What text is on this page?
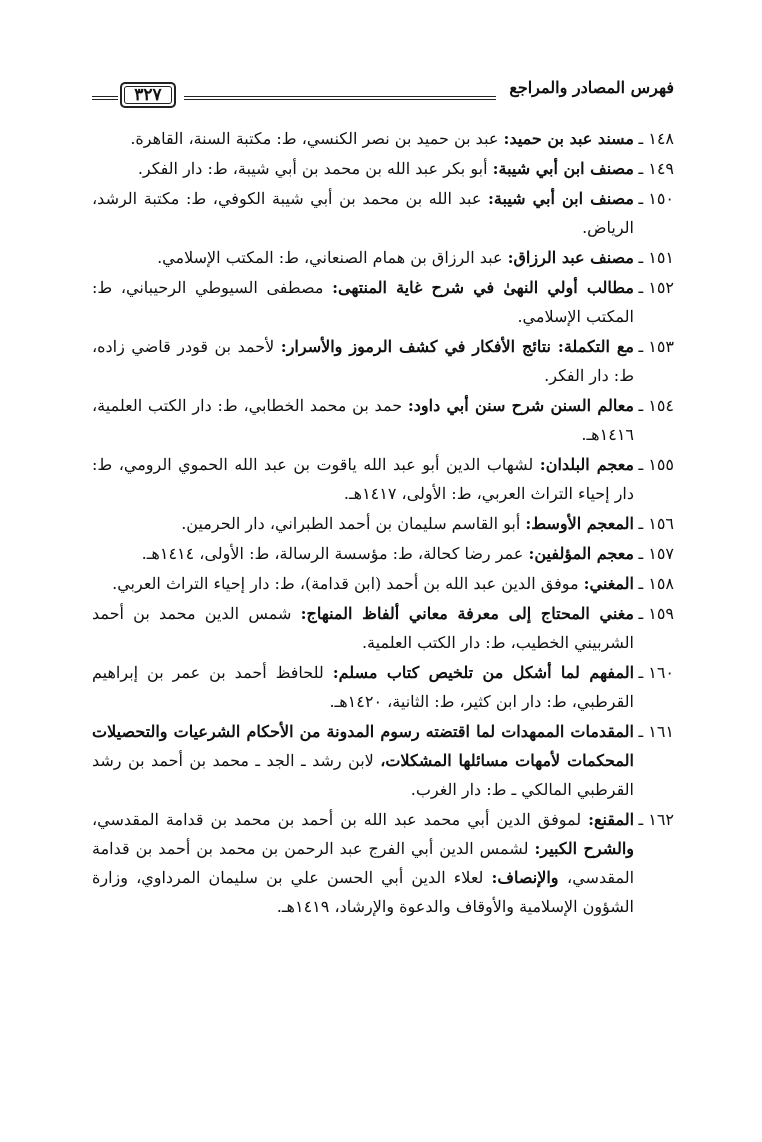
فهرس المصادر والمراجع
٣٢٧
١٤٨ ـ
مسند عبد بن حميد: عبد بن حميد بن نصر الكنسي، ط: مكتبة السنة، القاهرة.
١٤٩ ـ
مصنف ابن أبي شيبة: أبو بكر عبد الله بن محمد بن أبي شيبة، ط: دار الفكر.
١٥٠ ـ
مصنف ابن أبي شيبة: عبد الله بن محمد بن أبي شيبة الكوفي، ط: مكتبة الرشد، الرياض.
١٥١ ـ
مصنف عبد الرزاق: عبد الرزاق بن همام الصنعاني، ط: المكتب الإسلامي.
١٥٢ ـ
مطالب أولي النهىٰ في شرح غاية المنتهى: مصطفى السيوطي الرحيباني، ط: المكتب الإسلامي.
١٥٣ ـ
مع التكملة: نتائج الأفكار في كشف الرموز والأسرار: لأحمد بن قودر قاضي زاده، ط: دار الفكر.
١٥٤ ـ
معالم السنن شرح سنن أبي داود: حمد بن محمد الخطابي، ط: دار الكتب العلمية، ١٤١٦هـ.
١٥٥ ـ
معجم البلدان: لشهاب الدين أبو عبد الله ياقوت بن عبد الله الحموي الرومي، ط: دار إحياء التراث العربي، ط: الأولى، ١٤١٧هـ.
١٥٦ ـ
المعجم الأوسط: أبو القاسم سليمان بن أحمد الطبراني، دار الحرمين.
١٥٧ ـ
معجم المؤلفين: عمر رضا كحالة، ط: مؤسسة الرسالة، ط: الأولى، ١٤١٤هـ.
١٥٨ ـ
المغني: موفق الدين عبد الله بن أحمد (ابن قدامة)، ط: دار إحياء التراث العربي.
١٥٩ ـ
مغني المحتاج إلى معرفة معاني ألفاظ المنهاج: شمس الدين محمد بن أحمد الشربيني الخطيب، ط: دار الكتب العلمية.
١٦٠ ـ
المفهم لما أشكل من تلخيص كتاب مسلم: للحافظ أحمد بن عمر بن إبراهيم القرطبي، ط: دار ابن كثير، ط: الثانية، ١٤٢٠هـ.
١٦١ ـ
المقدمات الممهدات لما اقتضته رسوم المدونة من الأحكام الشرعيات والتحصيلات المحكمات لأمهات مسائلها المشكلات، لابن رشد ـ الجد ـ محمد بن أحمد بن رشد القرطبي المالكي ـ ط: دار الغرب.
١٦٢ ـ
المقنع: لموفق الدين أبي محمد عبد الله بن أحمد بن محمد بن قدامة المقدسي، والشرح الكبير: لشمس الدين أبي الفرج عبد الرحمن بن محمد بن أحمد بن قدامة المقدسي، والإنصاف: لعلاء الدين أبي الحسن علي بن سليمان المرداوي، وزارة الشؤون الإسلامية والأوقاف والدعوة والإرشاد، ١٤١٩هـ.
